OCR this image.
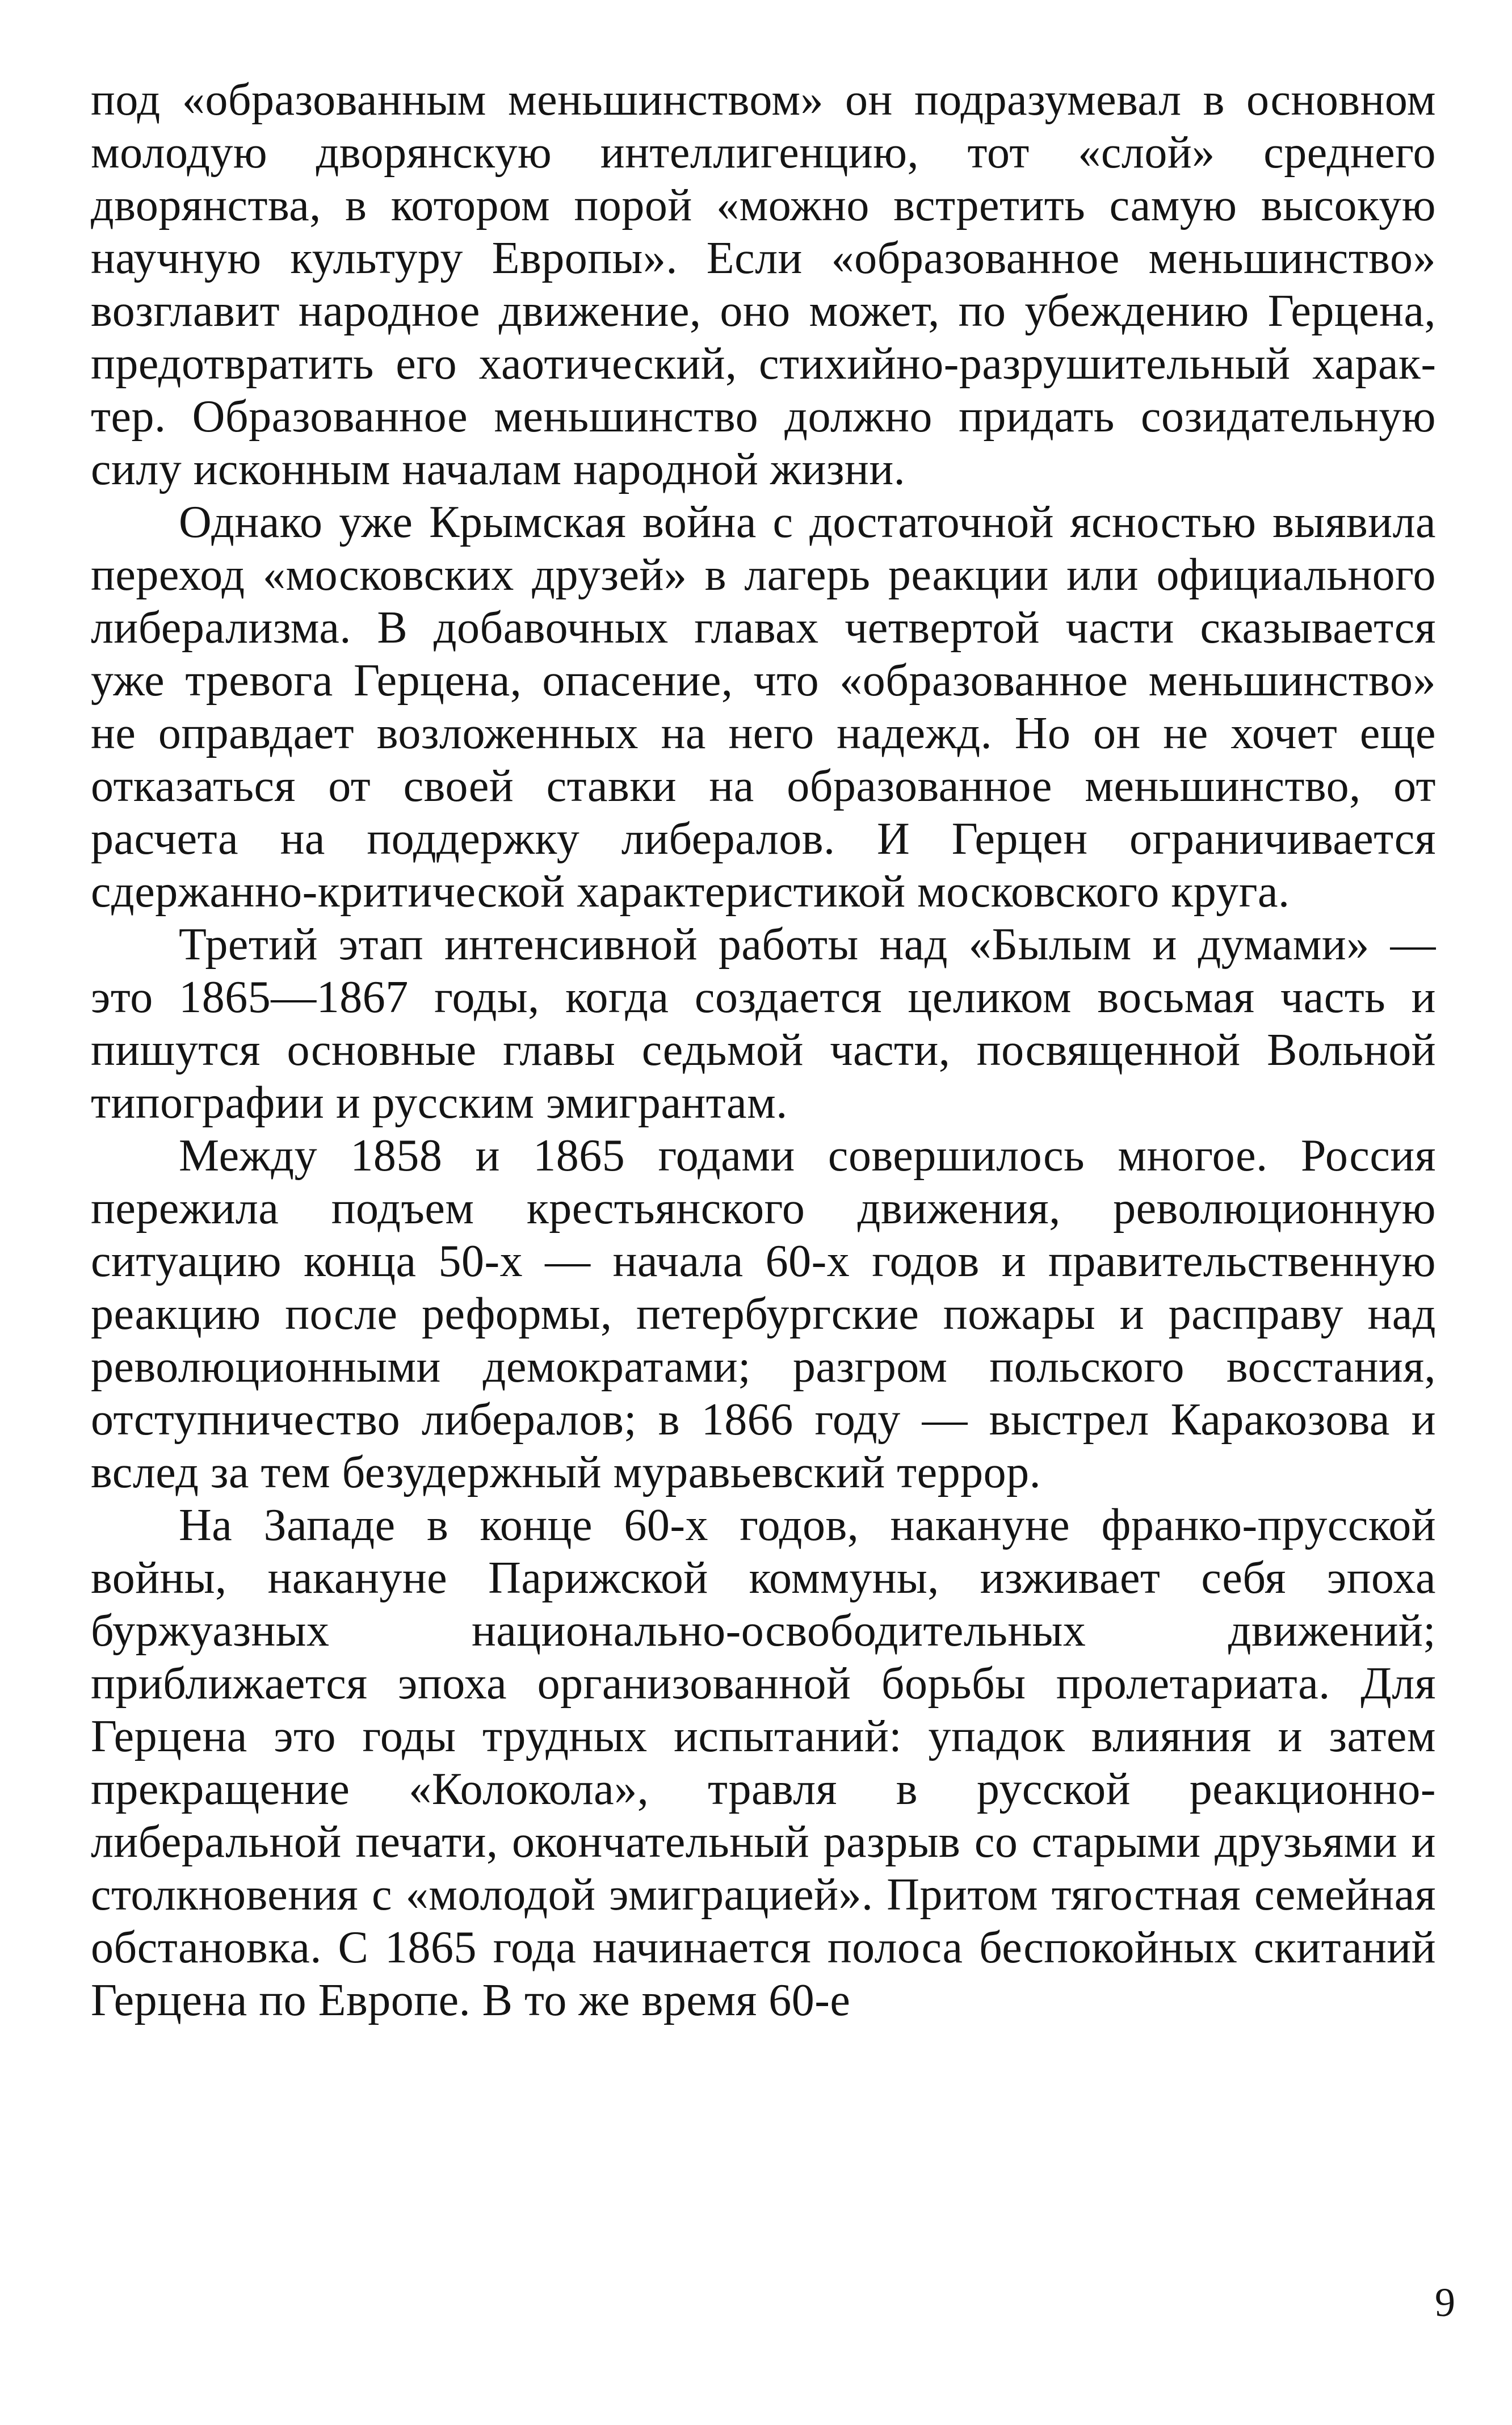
под «образованным меньшинством» он подразумевал в основном молодую дворянскую интеллигенцию, тот «слой» среднего дворянства, в котором порой «можно встретить самую высокую научную культуру Европы». Если «образованное меньшинство» возглавит народное движение, оно может, по убеждению Герцена, предотвратить его хаотический, стихийно-разрушительный характер. Образованное меньшинство должно придать созидательную силу исконным началам народной жизни.

Однако уже Крымская война с достаточной ясностью выявила переход «московских друзей» в лагерь реакции или официального либерализма. В добавочных главах четвертой части сказывается уже тревога Герцена, опасение, что «образованное меньшинство» не оправдает возложенных на него надежд. Но он не хочет еще отказаться от своей ставки на образованное меньшинство, от расчета на поддержку либералов. И Герцен ограничивается сдержанно-критической характеристикой московского круга.

Третий этап интенсивной работы над «Былым и думами» — это 1865—1867 годы, когда создается целиком восьмая часть и пишутся основные главы седьмой части, посвященной Вольной типографии и русским эмигрантам.

Между 1858 и 1865 годами совершилось многое. Россия пережила подъем крестьянского движения, революционную ситуацию конца 50-х — начала 60-х годов и правительственную реакцию после реформы, петербургские пожары и расправу над революционными демократами; разгром польского восстания, отступничество либералов; в 1866 году — выстрел Каракозова и вслед за тем безудержный муравьевский террор.

На Западе в конце 60-х годов, накануне франко-прусской войны, накануне Парижской коммуны, изживает себя эпоха буржуазных национально-освободительных движений; приближается эпоха организованной борьбы пролетариата. Для Герцена это годы трудных испытаний: упадок влияния и затем прекращение «Колокола», травля в русской реакционно-либеральной печати, окончательный разрыв со старыми друзьями и столкновения с «молодой эмиграцией». Притом тягостная семейная обстановка. С 1865 года начинается полоса беспокойных скитаний Герцена по Европе. В то же время 60-е

9
